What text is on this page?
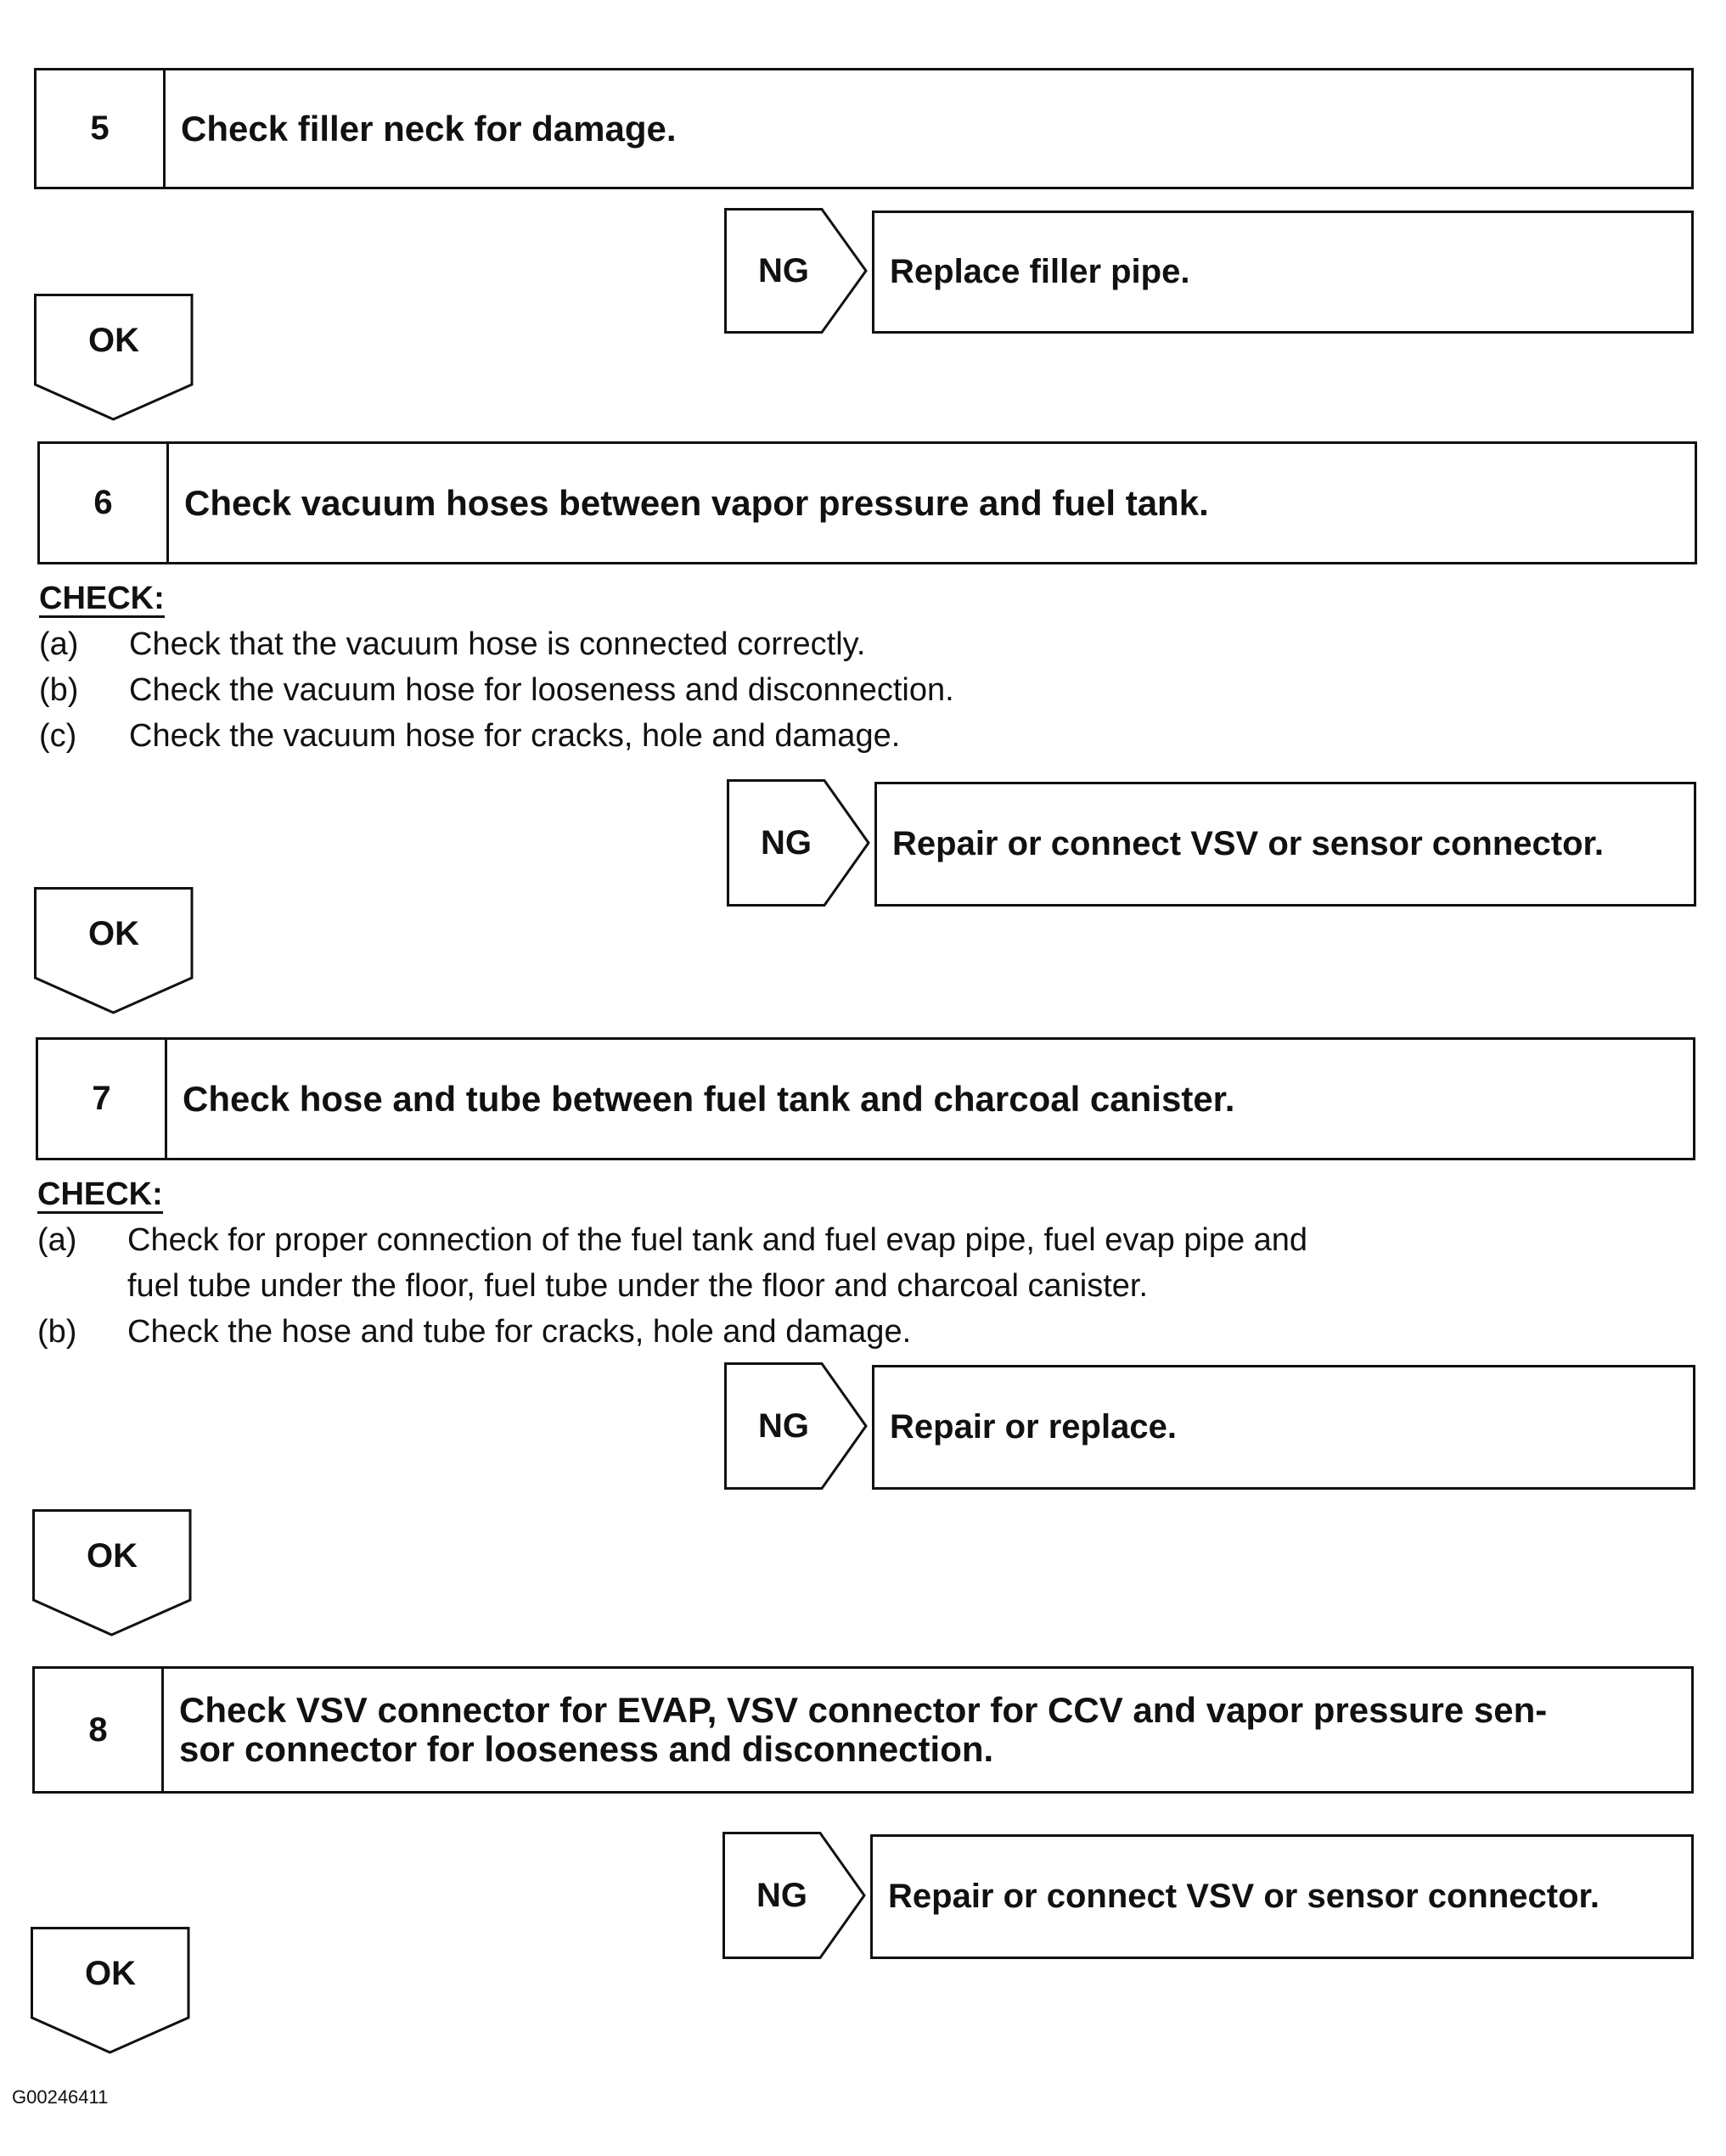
5	Check filler neck for damage.
NG	Replace filler pipe.
OK
6	Check vacuum hoses between vapor pressure and fuel tank.
CHECK:
(a) Check that the vacuum hose is connected correctly.
(b) Check the vacuum hose for looseness and disconnection.
(c) Check the vacuum hose for cracks, hole and damage.
NG	Repair or connect VSV or sensor connector.
OK
7	Check hose and tube between fuel tank and charcoal canister.
CHECK:
(a) Check for proper connection of the fuel tank and fuel evap pipe, fuel evap pipe and
fuel tube under the floor, fuel tube under the floor and charcoal canister.
(b) Check the hose and tube for cracks, hole and damage.
NG	Repair or replace.
OK
8	Check VSV connector for EVAP, VSV connector for CCV and vapor pressure sen-
sor connector for looseness and disconnection.
NG	Repair or connect VSV or sensor connector.
OK
G00246411
